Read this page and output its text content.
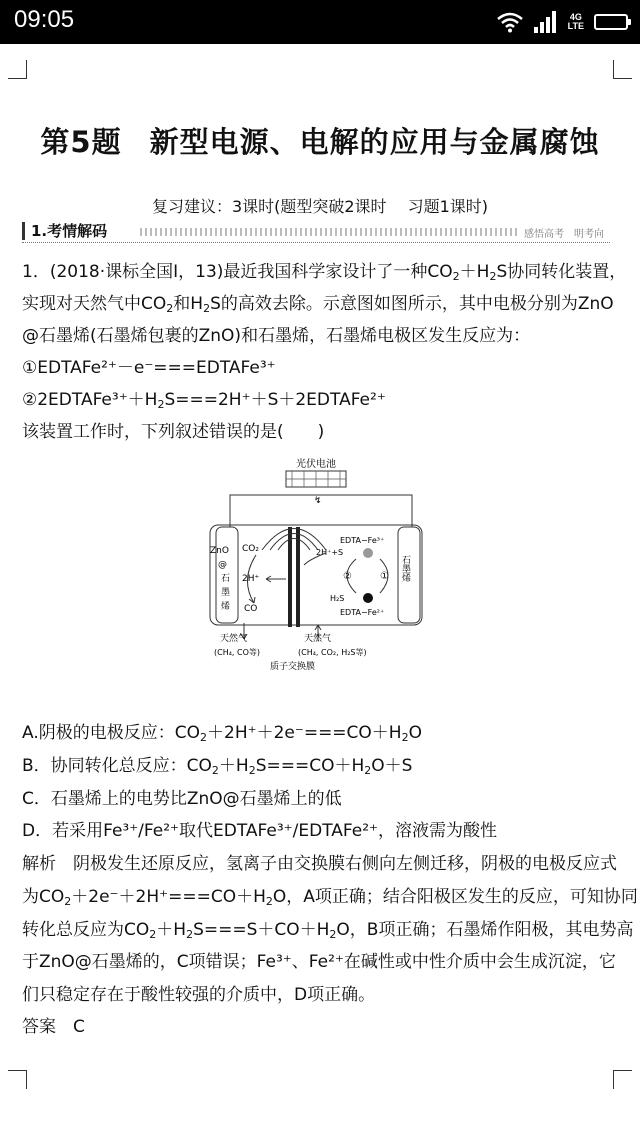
09:05	4G
LTE
第5题 新型电源、电解的应用与金属腐蚀
复习建议：3课时(题型突破2课时　 习题1课时)
1.考情解码	感悟高考　明考向
1．(2018·课标全国Ⅰ，13)最近我国科学家设计了一种$CO_2+H_2S$协同转化装置，
实现对天然气中$CO_2$和$H_2S$的高效去除。示意图如图所示，其中电极分别为ZnO
@石墨烯(石墨烯包裹的ZnO)和石墨烯，石墨烯电极区发生反应为：
①EDTAFe²⁺－e⁻===EDTAFe³⁺
$②2EDTAFe^{3+}+H_2S===2H^++S+2EDTAFe^{2+}$
该装置工作时，下列叙述错误的是(　　)
光伏电池
↯
ZnO
@
石
墨
烯
CO₂
2H⁺
CO
EDTA−Fe³⁺
2H⁺+S
②	①
H₂S
EDTA−Fe²⁺
石墨烯
天然气
(CH₄, CO等)
天然气
(CH₄, CO₂, H₂S等)
质子交换膜
A.阴极的电极反应：$CO_2+2H^++2e^-===CO+H_2O$
B．协同转化总反应：$CO_2+H_2S===CO+H_2O+S$
C．石墨烯上的电势比ZnO@石墨烯上的低
D．若采用Fe³⁺/Fe²⁺取代EDTAFe³⁺/EDTAFe²⁺，溶液需为酸性
解析　阴极发生还原反应，氢离子由交换膜右侧向左侧迁移，阴极的电极反应式
为$CO_2+2e^-+2H^+===CO+H_2O$，A项正确；结合阳极区发生的反应，可知协同
转化总反应为$CO_2+H_2S===S+CO+H_2O$，B项正确；石墨烯作阳极，其电势高
于ZnO@石墨烯的，C项错误；Fe³⁺、Fe²⁺在碱性或中性介质中会生成沉淀，它
们只稳定存在于酸性较强的介质中，D项正确。
答案　C
